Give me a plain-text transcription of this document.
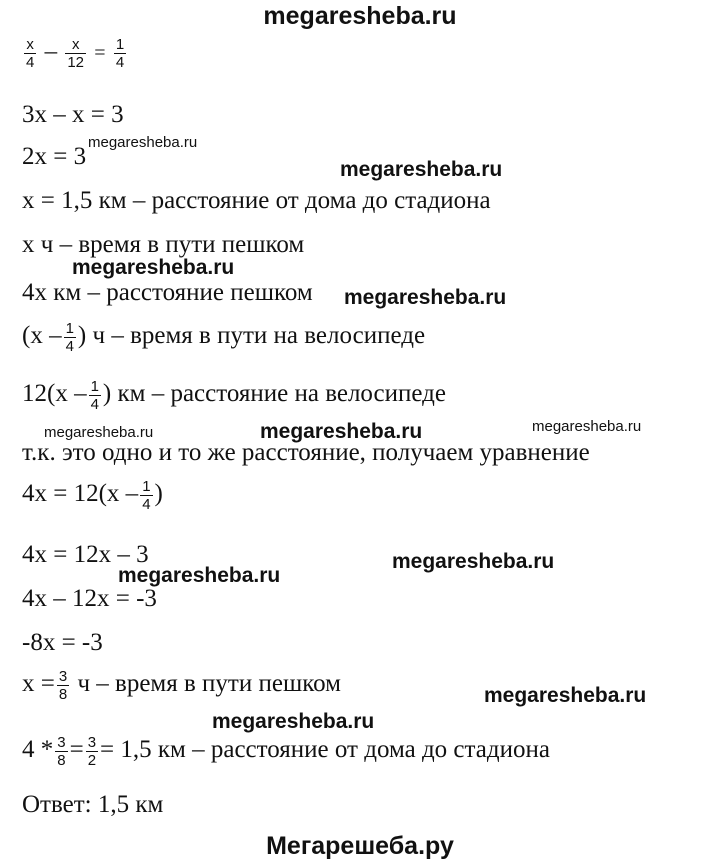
megaresheba.ru
$\frac{x}{4} - \frac{x}{12} = \frac{1}{4}$
3x – x = 3
2x = 3
x = 1,5 км – расстояние от дома до стадиона
x ч – время в пути пешком
4x км – расстояние пешком
($x - \frac{1}{4}$ ) ч – время в пути на велосипеде
$12(x - \frac{1}{4}$ ) км – расстояние на велосипеде
т.к. это одно и то же расстояние, получаем уравнение
$4x = 12(x - \frac{1}{4}$ )
4x = 12x – 3
4x – 12x = -3
-8x = -3
$x = \frac{3}{8}$ ч – время в пути пешком
$4 * \frac{3}{8} = \frac{3}{2} = 1,5$ км – расстояние от дома до стадиона
Ответ: 1,5 км
megaresheba.ru
megaresheba.ru
megaresheba.ru
megaresheba.ru
megaresheba.ru	megaresheba.ru	megaresheba.ru
megaresheba.ru
megaresheba.ru
megaresheba.ru
megaresheba.ru
Мегарешеба.ру
